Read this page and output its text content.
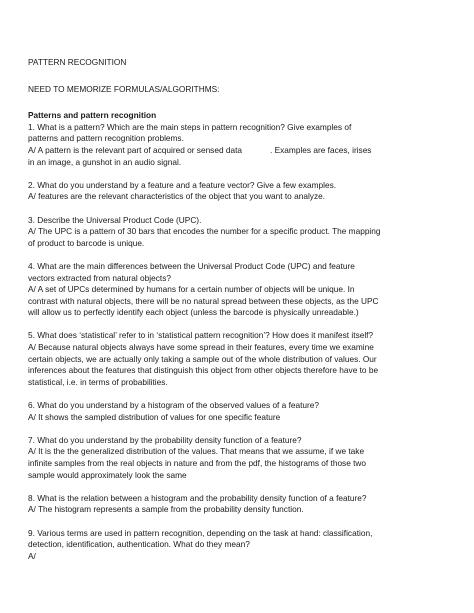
PATTERN RECOGNITION

NEED TO MEMORIZE FORMULAS/ALGORITHMS:

Patterns and pattern recognition

1. What is a pattern? Which are the main steps in pattern recognition? Give examples of

patterns and pattern recognition problems.

A/ A pattern is the relevant part of acquired or sensed data	. Examples are faces, irises

in an image, a gunshot in an audio signal.

2. What do you understand by a feature and a feature vector? Give a few examples.

A/ features are the relevant characteristics of the object that you want to analyze.

3. Describe the Universal Product Code (UPC).

A/ The UPC is a pattern of 30 bars that encodes the number for a specific product. The mapping

of product to barcode is unique.

4. What are the main differences between the Universal Product Code (UPC) and feature

vectors extracted from natural objects?

A/ A set of UPCs determined by humans for a certain number of objects will be unique. In

contrast with natural objects, there will be no natural spread between these objects, as the UPC

will allow us to perfectly identify each object (unless the barcode is physically unreadable.)

5. What does ‘statistical’ refer to in ‘statistical pattern recognition’? How does it manifest itself?

A/ Because natural objects always have some spread in their features, every time we examine

certain objects, we are actually only taking a sample out of the whole distribution of values. Our

inferences about the features that distinguish this object from other objects therefore have to be

statistical, i.e. in terms of probabilities.

6. What do you understand by a histogram of the observed values of a feature?

A/ It shows the sampled distribution of values for one specific feature

7. What do you understand by the probability density function of a feature?

A/ It is the the generalized distribution of the values. That means that we assume, if we take

infinite samples from the real objects in nature and from the pdf, the histograms of those two

sample would approximately look the same

8. What is the relation between a histogram and the probability density function of a feature?

A/ The histogram represents a sample from the probability density function.

9. Various terms are used in pattern recognition, depending on the task at hand: classification,

detection, identification, authentication. What do they mean?

A/
